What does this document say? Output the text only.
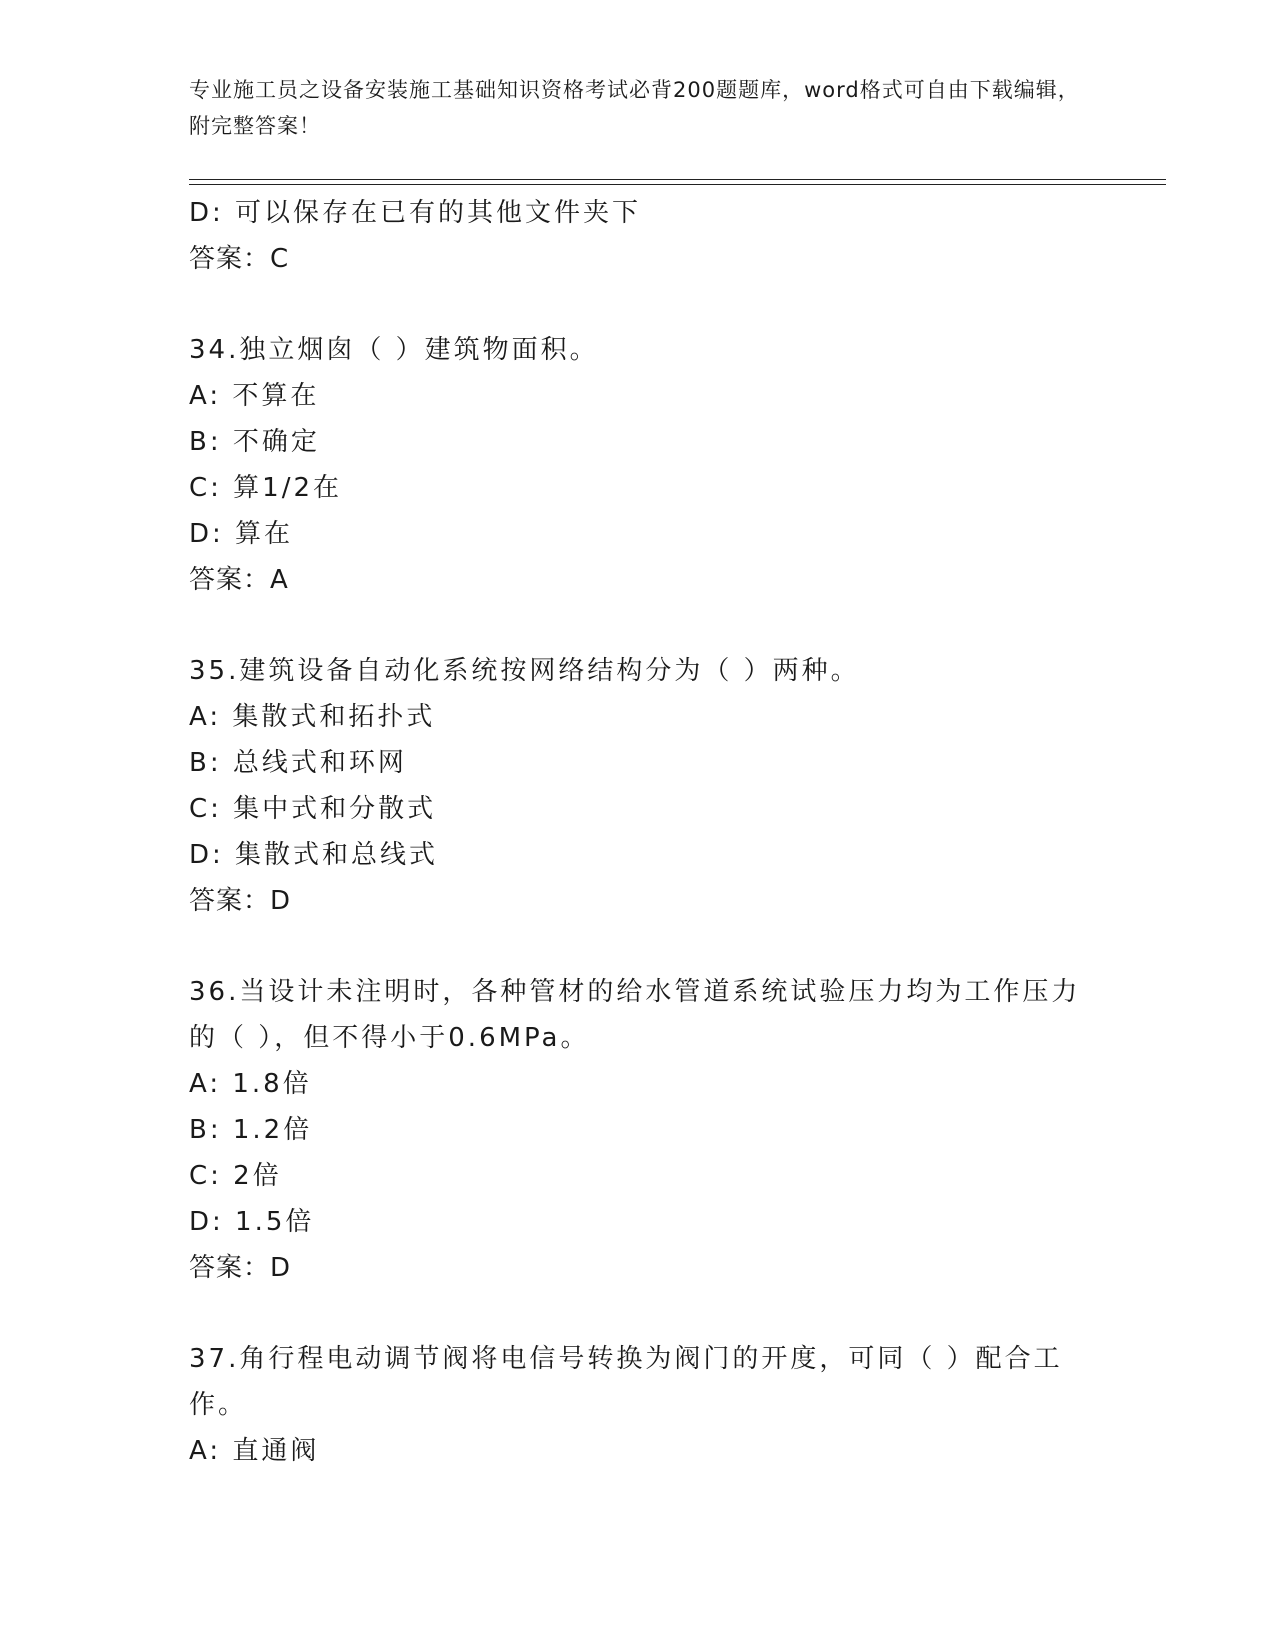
专业施工员之设备安装施工基础知识资格考试必背200题题库，word格式可自由下载编辑，附完整答案！
D: 可以保存在已有的其他文件夹下
答案：C
34.独立烟囱（ ）建筑物面积。
A: 不算在
B: 不确定
C: 算1/2在
D: 算在
答案：A
35.建筑设备自动化系统按网络结构分为（ ）两种。
A: 集散式和拓扑式
B: 总线式和环网
C: 集中式和分散式
D: 集散式和总线式
答案：D
36.当设计未注明时，各种管材的给水管道系统试验压力均为工作压力的（ ），但不得小于0.6MPa。
A: 1.8倍
B: 1.2倍
C: 2倍
D: 1.5倍
答案：D
37.角行程电动调节阀将电信号转换为阀门的开度，可同（ ）配合工作。
A: 直通阀
